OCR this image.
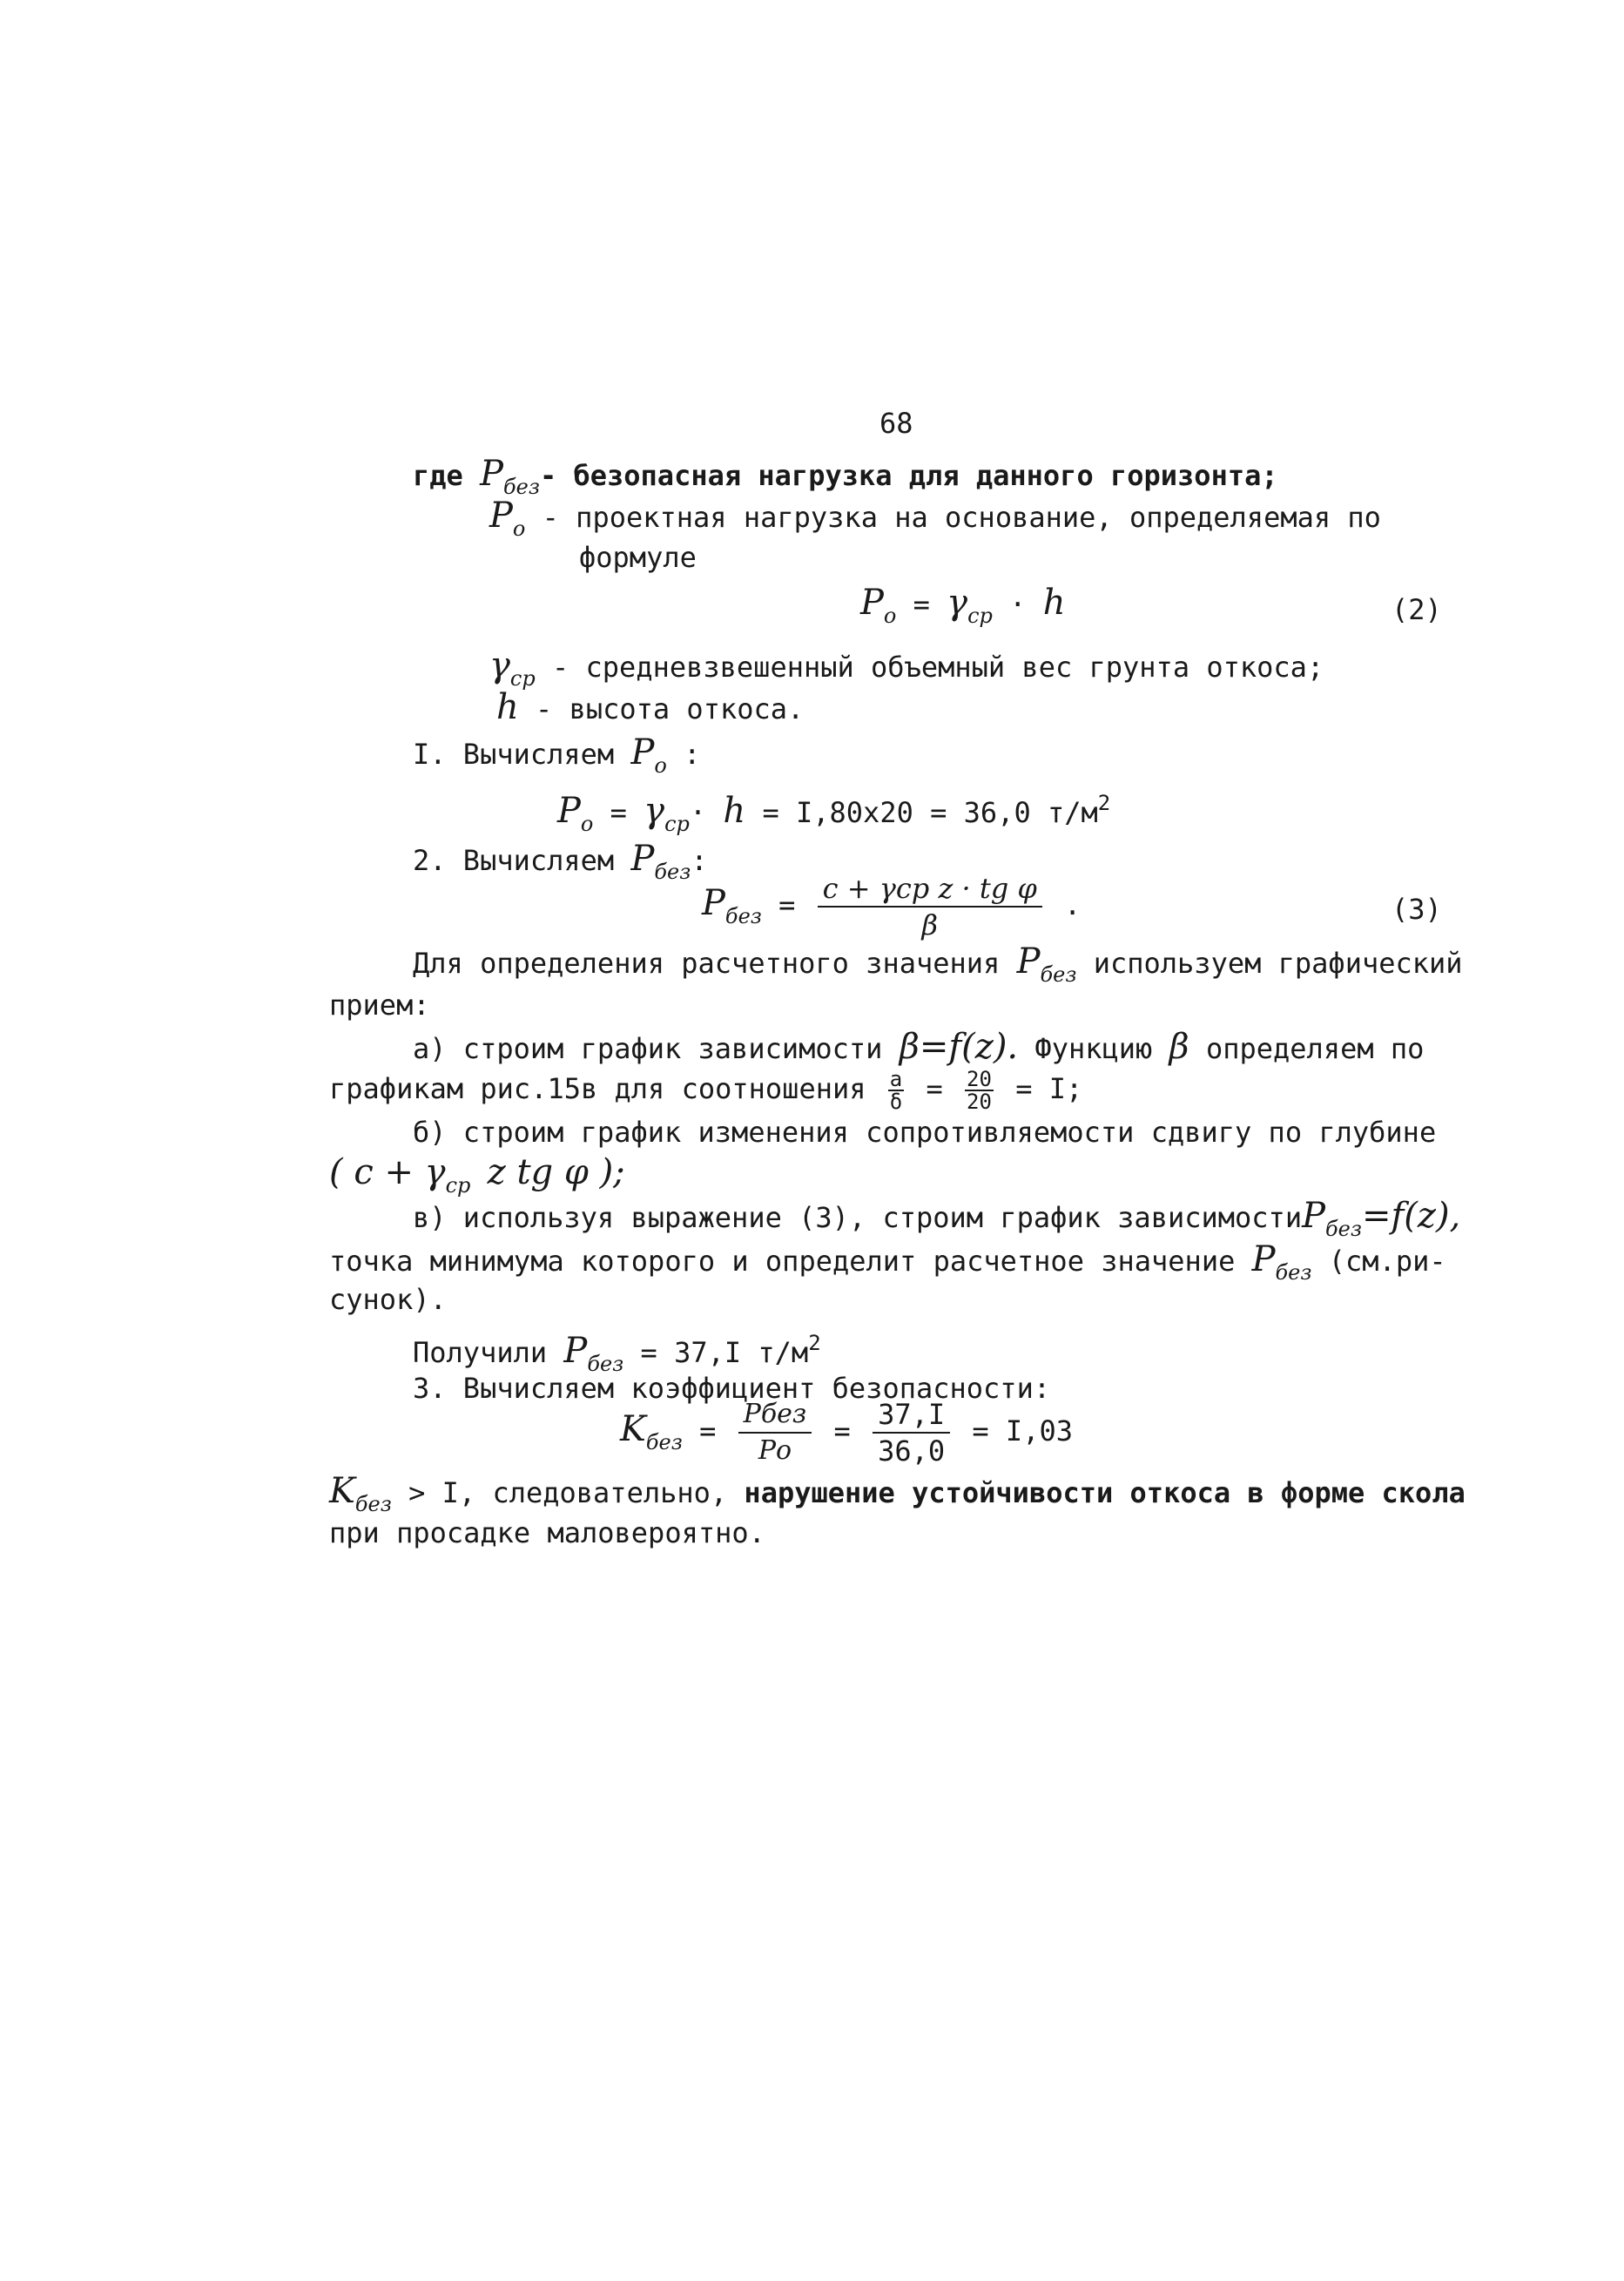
68
где $P_{без}-$ безопасная нагрузка для данного горизонта;
$P_о$ - проектная нагрузка на основание, определяемая по
формуле
$P_о = \gamma_{ср} \cdot h$	(2)
$\gamma_{ср}$ - средневзвешенный объемный вес грунта откоса;
h - высота откоса.
I. Вычисляем $P_о$ :
$P_о = \gamma_{ср}\cdot h = I,80x20 = 36,0$ $т/м^2$
2. Вычисляем $P_{без}$:
$P_{без} = \frac{\text{c + γср z · tg φ}}{\beta}$ .	(3)
Для определения расчетного значения $P_{без}$ используем графический
прием:
а) строим график зависимости β=f(z). Функцию β определяем по
графикам рис.15в для соотношения $\frac{a}{\delta} = \frac{20}{20} = I$;
б) строим график изменения сопротивляемости сдвигу по глубине
( $c + \gamma_{ср}$ z tg φ );
в) используя выражение (3), строим график зависимостиP$_{без}$=f(z),
точка минимума которого и определит расчетное значение $P_{без}$ (см.ри-
сунок).
Получили $P_{без} = 37,I$ $т/м^2$
3. Вычисляем коэффициент безопасности:
$K_{без} = \frac{\text{Pбез}}{Pо} = \frac{37,I}{36,0} = I,03$
$K_{без} > I$, следовательно, нарушение устойчивости откоса в форме скола
при просадке маловероятно.
